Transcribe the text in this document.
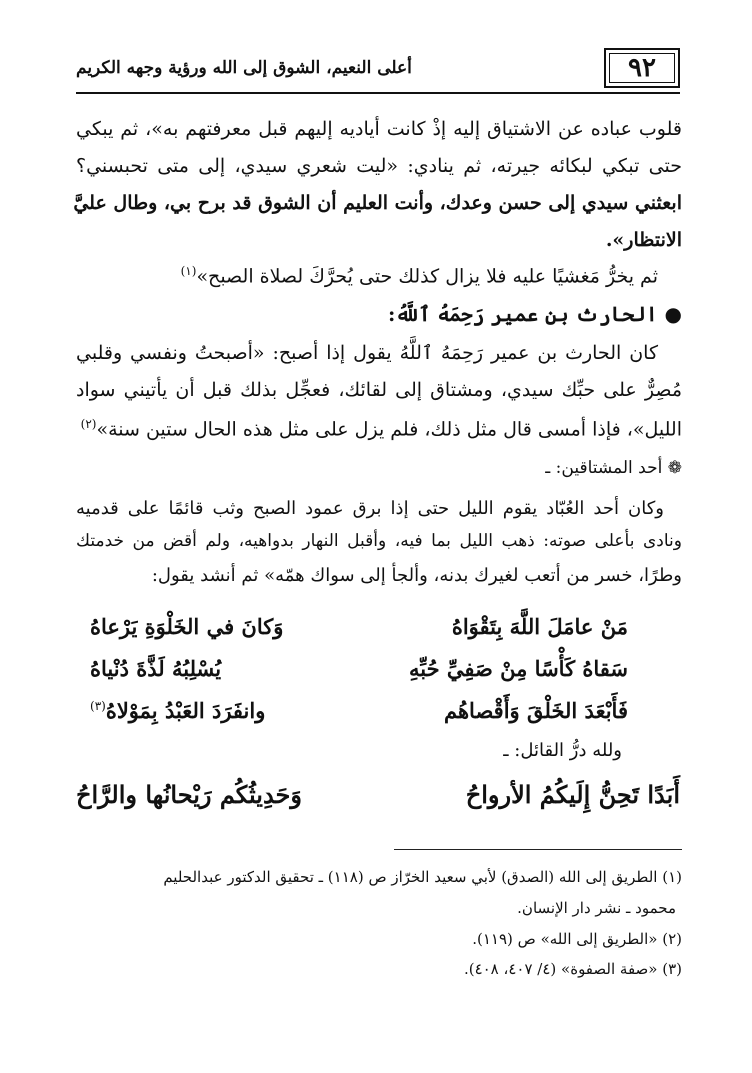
٩٢
أعلى النعيم، الشوق إلى الله ورؤية وجهه الكريم
قلوب عباده عن الاشتياق إليه إذْ كانت أياديه إليهم قبل معرفتهم به»، ثم يبكي
حتى تبكي لبكائه جيرته، ثم ينادي: «ليت شعري سيدي، إلى متى تحبسني؟
ابعثني سيدي إلى حسن وعدك، وأنت العليم أن الشوق قد برح بي، وطال عليَّ
الانتظار».
ثم يخرُّ مَغشيًا عليه فلا يزال كذلك حتى يُحرَّكَ لصلاة الصبح»$^{(١)}$
● الحارث بن عمير رَحِمَهُ ٱللَّهُ:
كان الحارث بن عمير رَحِمَهُ ٱللَّهُ يقول إذا أصبح: «أصبحتُ ونفسي وقلبي
مُصِرٌّ على حبِّك سيدي، ومشتاق إلى لقائك، فعجِّل بذلك قبل أن يأتيني سواد
الليل»، فإذا أمسى قال مثل ذلك، فلم يزل على مثل هذه الحال ستين سنة»$^{(٢)}$
❁ أحد المشتاقين: ـ
وكان أحد العُبّاد يقوم الليل حتى إذا برق عمود الصبح وثب قائمًا على قدميه
ونادى بأعلى صوته: ذهب الليل بما فيه، وأقبل النهار بدواهيه، ولم أقض من خدمتك
وطرًا، خسر من أتعب لغيرك بدنه، وألجأ إلى سواك همّه» ثم أنشد يقول:
مَنْ عامَلَ اللَّهَ بِتَقْوَاهُ
وَكانَ في الخَلْوَةِ يَرْعاهُ
سَقاهُ كَأْسًا مِنْ صَفِيِّ حُبِّهِ
يُسْلِبُهُ لَذَّةَ دُنْياهُ
فَأَبْعَدَ الخَلْقَ وَأَقْصاهُم
وانفَرَدَ العَبْدُ بِمَوْلاهُ$^{(٣)}$
ولله درُّ القائل: ـ
أَبَدًا تَحِنُّ إِلَيكُمُ الأرواحُ
وَحَدِيثُكُم رَيْحانُها والرَّاحُ
(١) الطريق إلى الله (الصدق) لأبي سعيد الخرّاز ص (١١٨) ـ تحقيق الدكتور عبدالحليم
محمود ـ نشر دار الإنسان.
(٢) «الطريق إلى الله» ص (١١٩).
(٣) «صفة الصفوة» (٤/ ٤٠٧، ٤٠٨).
